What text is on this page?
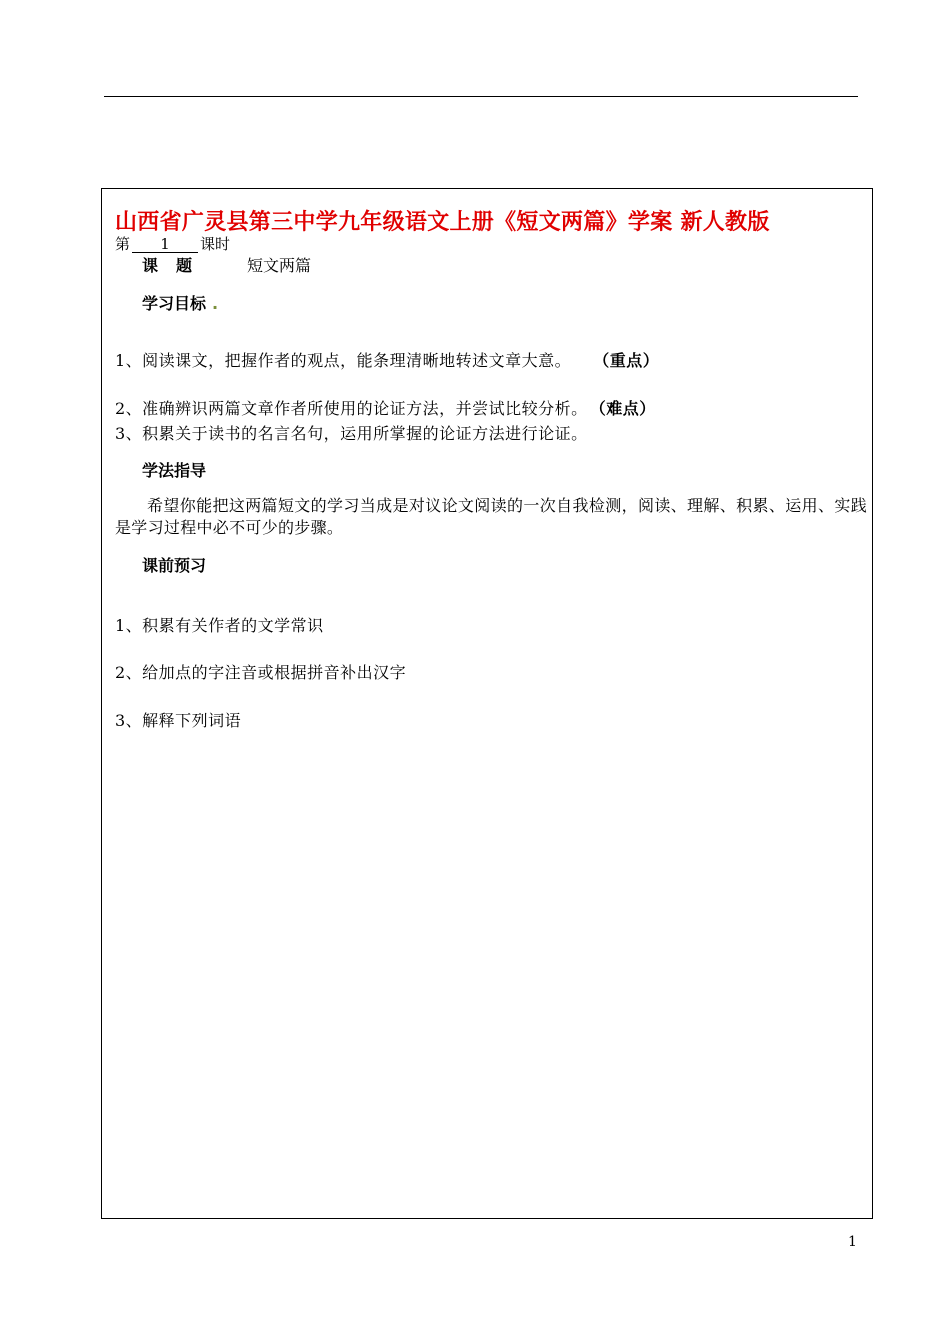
山西省广灵县第三中学九年级语文上册《短文两篇》学案 新人教版
第 1 课时
课　题	短文两篇
学习目标 .
1、阅读课文，把握作者的观点，能条理清晰地转述文章大意。 （重点）
2、准确辨识两篇文章作者所使用的论证方法，并尝试比较分析。 （难点）
3、积累关于读书的名言名句，运用所掌握的论证方法进行论证。
学法指导
希望你能把这两篇短文的学习当成是对议论文阅读的一次自我检测，阅读、理解、积累、运用、实践是学习过程中必不可少的步骤。
课前预习
1、积累有关作者的文学常识
2、给加点的字注音或根据拼音补出汉字
3、解释下列词语
1
